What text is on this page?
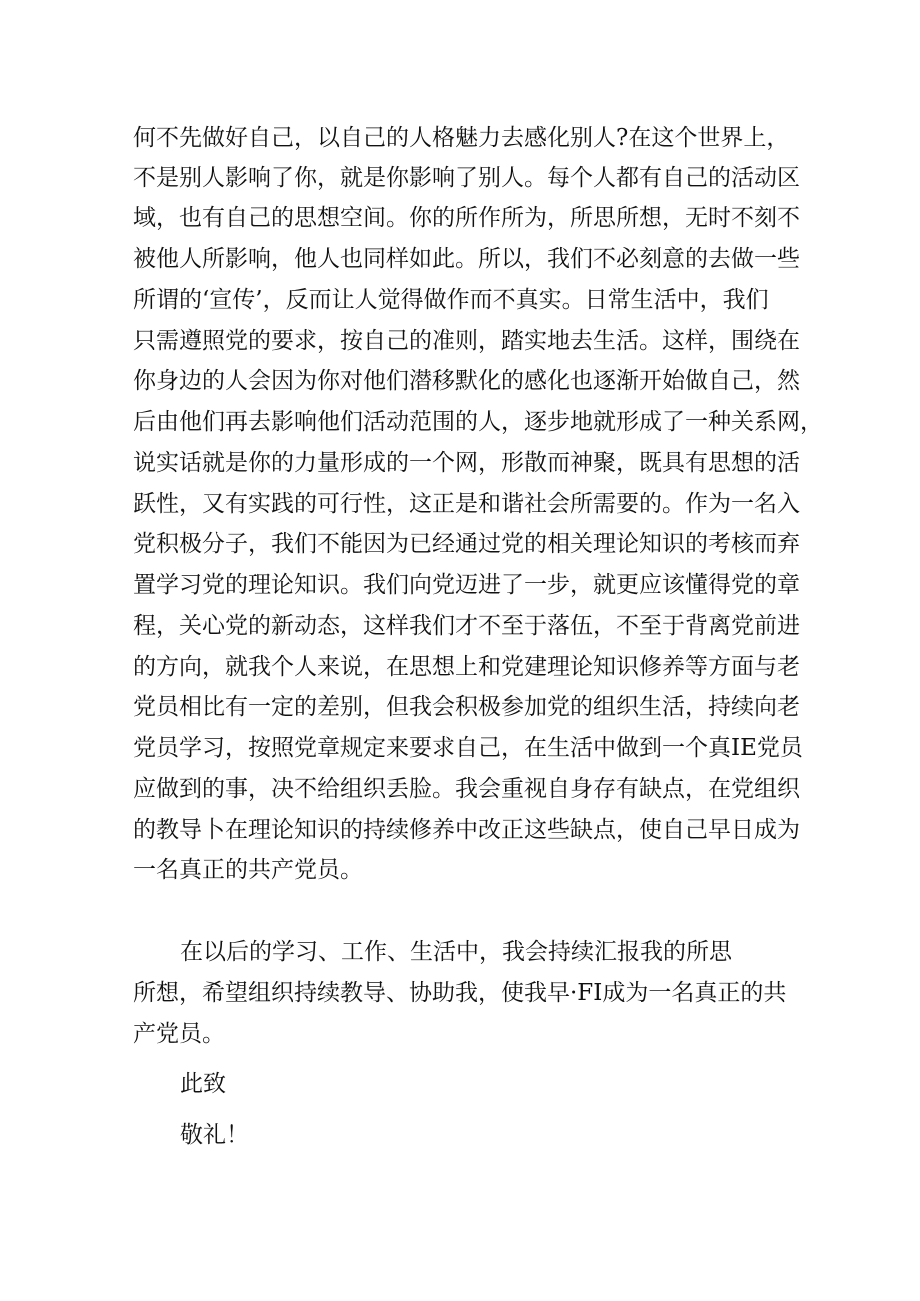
何不先做好自己，以自己的人格魅力去感化别人?在这个世界上，
不是别人影响了你，就是你影响了别人。每个人都有自己的活动区
域，也有自己的思想空间。你的所作所为，所思所想，无时不刻不
被他人所影响，他人也同样如此。所以，我们不必刻意的去做一些
所谓的‘宣传’，反而让人觉得做作而不真实。日常生活中，我们
只需遵照党的要求，按自己的准则，踏实地去生活。这样，围绕在
你身边的人会因为你对他们潜移默化的感化也逐渐开始做自己，然
后由他们再去影响他们活动范围的人，逐步地就形成了一种关系网，
说实话就是你的力量形成的一个网，形散而神聚，既具有思想的活
跃性，又有实践的可行性，这正是和谐社会所需要的。作为一名入
党积极分子，我们不能因为已经通过党的相关理论知识的考核而弃
置学习党的理论知识。我们向党迈进了一步，就更应该懂得党的章
程，关心党的新动态，这样我们才不至于落伍，不至于背离党前进
的方向，就我个人来说，在思想上和党建理论知识修养等方面与老
党员相比有一定的差别，但我会积极参加党的组织生活，持续向老
党员学习，按照党章规定来要求自己，在生活中做到一个真IE党员
应做到的事，决不给组织丢脸。我会重视自身存有缺点，在党组织
的教导卜在理论知识的持续修养中改正这些缺点，使自己早日成为
一名真正的共产党员。
在以后的学习、工作、生活中，我会持续汇报我的所思
所想，希望组织持续教导、协助我，使我早·FI成为一名真正的共
产党员。
此致
敬礼！
